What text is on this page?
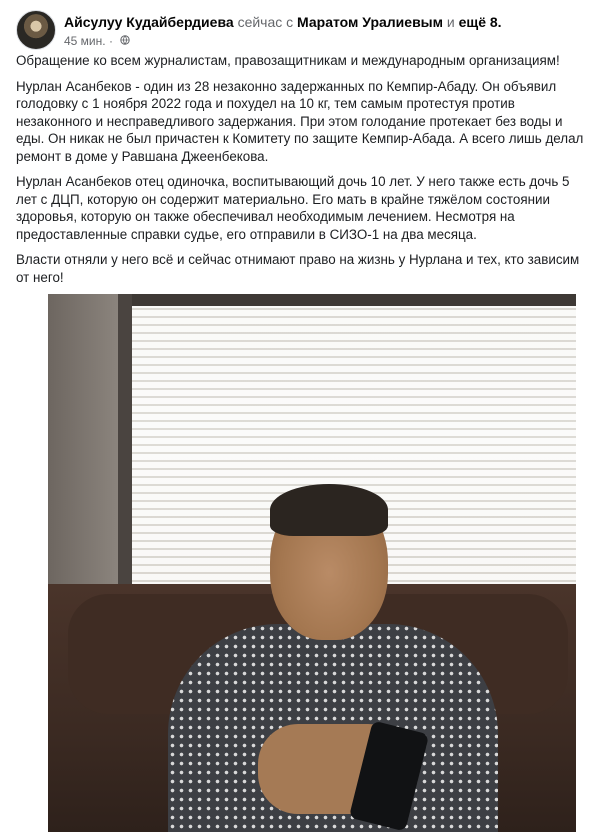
Айсулуу Кудайбердиева сейчас с Маратом Уралиевым и ещё 8.
45 мин. ·

Обращение ко всем журналистам, правозащитникам и международным организациям!

Нурлан Асанбеков - один из 28 незаконно задержанных по Кемпир-Абаду. Он объявил голодовку с 1 ноября 2022 года и похудел на 10 кг, тем самым протестуя против незаконного и несправедливого задержания. При этом голодание протекает без воды и еды. Он никак не был причастен к Комитету по защите Кемпир-Абада. А всего лишь делал ремонт в доме у Равшана Джеенбекова.

Нурлан Асанбеков отец одиночка, воспитывающий дочь 10 лет. У него также есть дочь 5 лет с ДЦП, которую он содержит материально. Его мать в крайне тяжёлом состоянии здоровья, которую он также обеспечивал необходимым лечением. Несмотря на предоставленные справки судье, его отправили в СИЗО-1 на два месяца.

Власти отняли у него всё и сейчас отнимают право на жизнь у Нурлана и тех, кто зависим от него!
